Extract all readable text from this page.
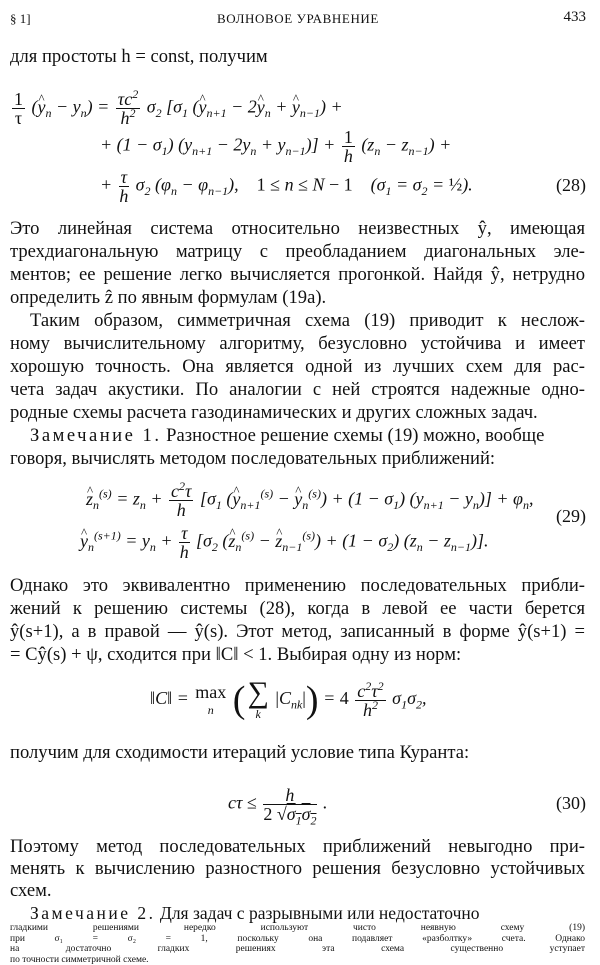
§ 1]	ВОЛНОВОЕ УРАВНЕНИЕ	433
для простоты h = const, получим
$\frac{1}{\tau}$ (^ $y_n - y_n) = \frac{\tau c^2}{h^2} \sigma_2$ [$\sigma_1$ (^ $y_{n+1}$ − 2^ $y_n$ + ^ $y_{n-1}$) +
+ $(1 - \sigma_1)$ $(y_{n+1} - 2y_n + y_{n-1})] + \frac{1}{h} (z_n - z_{n-1})$ +
+ $\frac{\tau}{h} \sigma_2$ $(\varphi_n - \varphi_{n-1})$,    1 ≤ n ≤ N − 1    ($\sigma_1 = \sigma_2$ = ½).	(28)
Это линейная система относительно неизвестных ŷ, имеющая
трехдиагональную матрицу с преобладанием диагональных эле-
ментов; ее решение легко вычисляется прогонкой. Найдя ŷ, нетрудно
определить ẑ по явным формулам (19а).
Таким образом, симметричная схема (19) приводит к неслож-
ному вычислительному алгоритму, безусловно устойчива и имеет
хорошую точность. Она является одной из лучших схем для рас-
чета задач акустики. По аналогии с ней строятся надежные одно-
родные схемы расчета газодинамических и других сложных задач.
Замечание 1. Разностное решение схемы (19) можно, вообще
говоря, вычислять методом последовательных приближений:
^ $z_n^{(s)} = z_n + \frac{c^2\tau}{h} [\sigma_1$ (^ $y_{n+1}^{(s)}$ − ^ $y_n^{(s)}) + (1 - \sigma_1)$ $(y_{n+1} - y_n)] + \varphi_n$,
^ $y_n^{(s+1)} = y_n + \frac{\tau}{h} [\sigma_2$ (^ $z_n^{(s)}$ − ^ $z_{n-1}^{(s)}) + (1 - \sigma_2)$ $(z_n - z_{n-1})$].
(29)
Однако это эквивалентно применению последовательных прибли-
жений к решению системы (28), когда в левой ее части берется
ŷ(s+1), а в правой — ŷ(s). Этот метод, записанный в форме ŷ(s+1) =
= Cŷ(s) + ψ, сходится при ‖C‖ < 1. Выбирая одну из норм:
‖C‖ = max
n ( ∑
k
$|C_{nk}|) = 4 \frac{c^2\tau^2}{h^2} \sigma_1\sigma_2$,
получим для сходимости итераций условие типа Куранта:
$c\tau \le \frac{h}{2 √\sigma_1\sigma_2}$ .	(30)
Поэтому метод последовательных приближений невыгодно при-
менять к вычислению разностного решения безусловно устойчивых
схем.
Замечание 2. Для задач с разрывными или недостаточно
гладкими решениями нередко используют чисто неявную схему (19)
при σ₁ = σ₂ = 1, поскольку она подавляет «разболтку» счета. Однако
на достаточно гладких решениях эта схема существенно уступает
по точности симметричной схеме.
